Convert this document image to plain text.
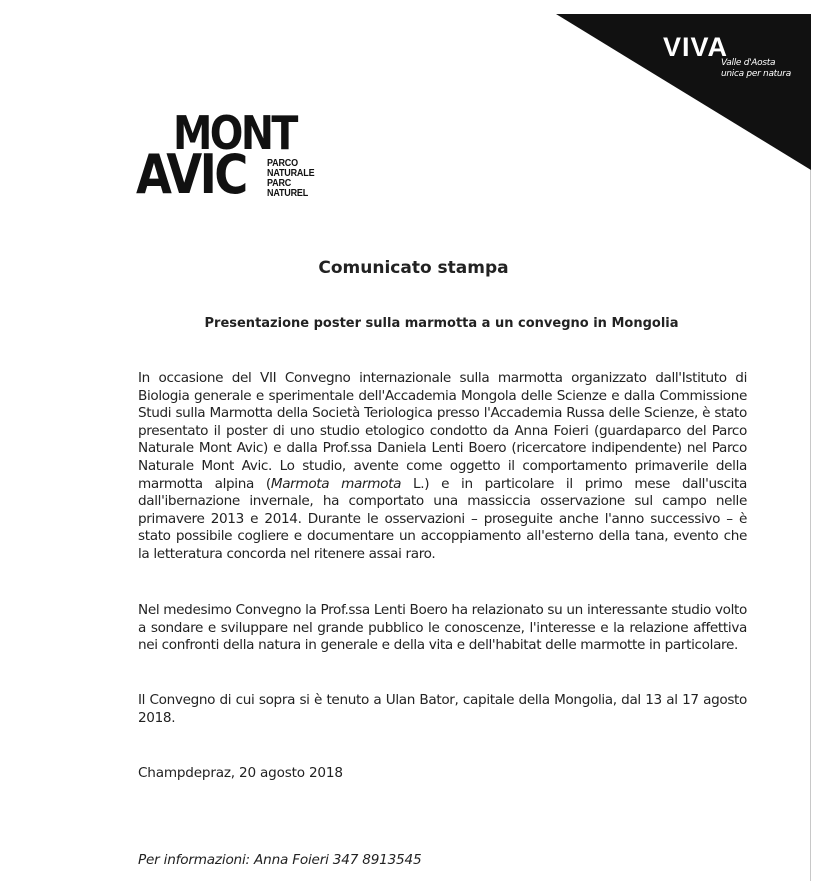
VIVA
Valle d'Aosta
unica per natura
MONT
AVIC PARCO
NATURALE
PARC
NATUREL
Comunicato stampa
Presentazione poster sulla marmotta a un convegno in Mongolia
In occasione del VII Convegno internazionale sulla marmotta organizzato dall'Istituto di Biologia generale e sperimentale dell'Accademia Mongola delle Scienze e dalla Commissione Studi sulla Marmotta della Società Teriologica presso l'Accademia Russa delle Scienze, è stato presentato il poster di uno studio etologico condotto da Anna Foieri (guardaparco del Parco Naturale Mont Avic) e dalla Prof.ssa Daniela Lenti Boero (ricercatore indipendente) nel Parco Naturale Mont Avic. Lo studio, avente come oggetto il comportamento primaverile della marmotta alpina (Marmota marmota L.) e in particolare il primo mese dall'uscita dall'ibernazione invernale, ha comportato una massiccia osservazione sul campo nelle primavere 2013 e 2014. Durante le osservazioni – proseguite anche l'anno successivo – è stato possibile cogliere e documentare un accoppiamento all'esterno della tana, evento che la letteratura concorda nel ritenere assai raro.
Nel medesimo Convegno la Prof.ssa Lenti Boero ha relazionato su un interessante studio volto a sondare e sviluppare nel grande pubblico le conoscenze, l'interesse e la relazione affettiva nei confronti della natura in generale e della vita e dell'habitat delle marmotte in particolare.
Il Convegno di cui sopra si è tenuto a Ulan Bator, capitale della Mongolia, dal 13 al 17 agosto 2018.
Champdepraz, 20 agosto 2018
Per informazioni: Anna Foieri 347 8913545
